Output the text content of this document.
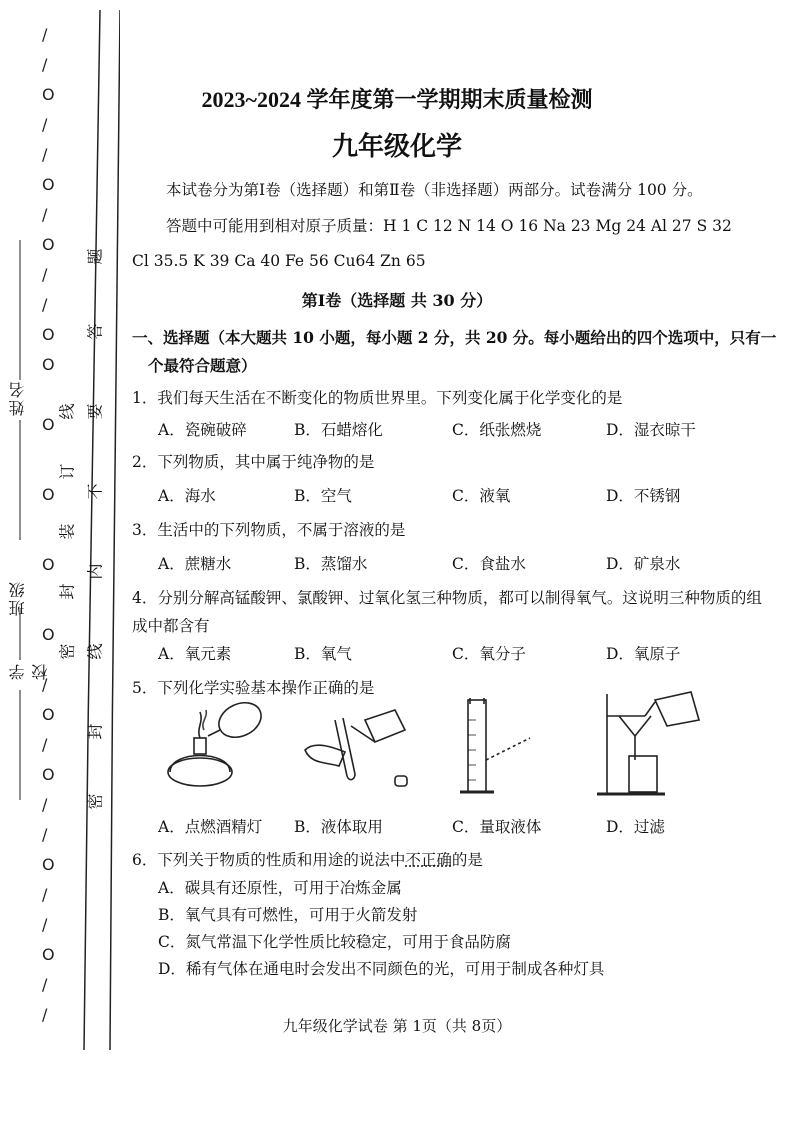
/
/
O
/
/
O
/
O
/
/
O
O
O
O
O
O
/
O
/
O
/
/
O
/
/
O
/
/
姓名
班级
学校
密
封
装
订
线
密
封
线
内
不
要
答
题
2023~2024 学年度第一学期期末质量检测
九年级化学
本试卷分为第Ⅰ卷（选择题）和第Ⅱ卷（非选择题）两部分。试卷满分 100 分。
答题中可能用到相对原子质量：H 1 C 12 N 14 O 16 Na 23 Mg 24 Al 27 S 32
Cl 35.5 K 39 Ca 40 Fe 56 Cu64 Zn 65
第Ⅰ卷（选择题 共 30 分）
一、选择题（本大题共 10 小题，每小题 2 分，共 20 分。每小题给出的四个选项中，只有一
个最符合题意）
1．我们每天生活在不断变化的物质世界里。下列变化属于化学变化的是
A．瓷碗破碎	B．石蜡熔化	C．纸张燃烧	D．湿衣晾干
2．下列物质，其中属于纯净物的是
A．海水	B．空气	C．液氧	D．不锈钢
3．生活中的下列物质，不属于溶液的是
A．蔗糖水	B．蒸馏水	C．食盐水	D．矿泉水
4．分别分解高锰酸钾、氯酸钾、过氧化氢三种物质，都可以制得氧气。这说明三种物质的组
成中都含有
A．氧元素	B．氧气	C．氧分子	D．氧原子
5．下列化学实验基本操作正确的是
A．点燃酒精灯 B．液体取用	C．量取液体	D．过滤
6．下列关于物质的性质和用途的说法中不正确的是
A．碳具有还原性，可用于冶炼金属
B．氧气具有可燃性，可用于火箭发射
C．氮气常温下化学性质比较稳定，可用于食品防腐
D．稀有气体在通电时会发出不同颜色的光，可用于制成各种灯具
九年级化学试卷 第 1页（共 8页）
